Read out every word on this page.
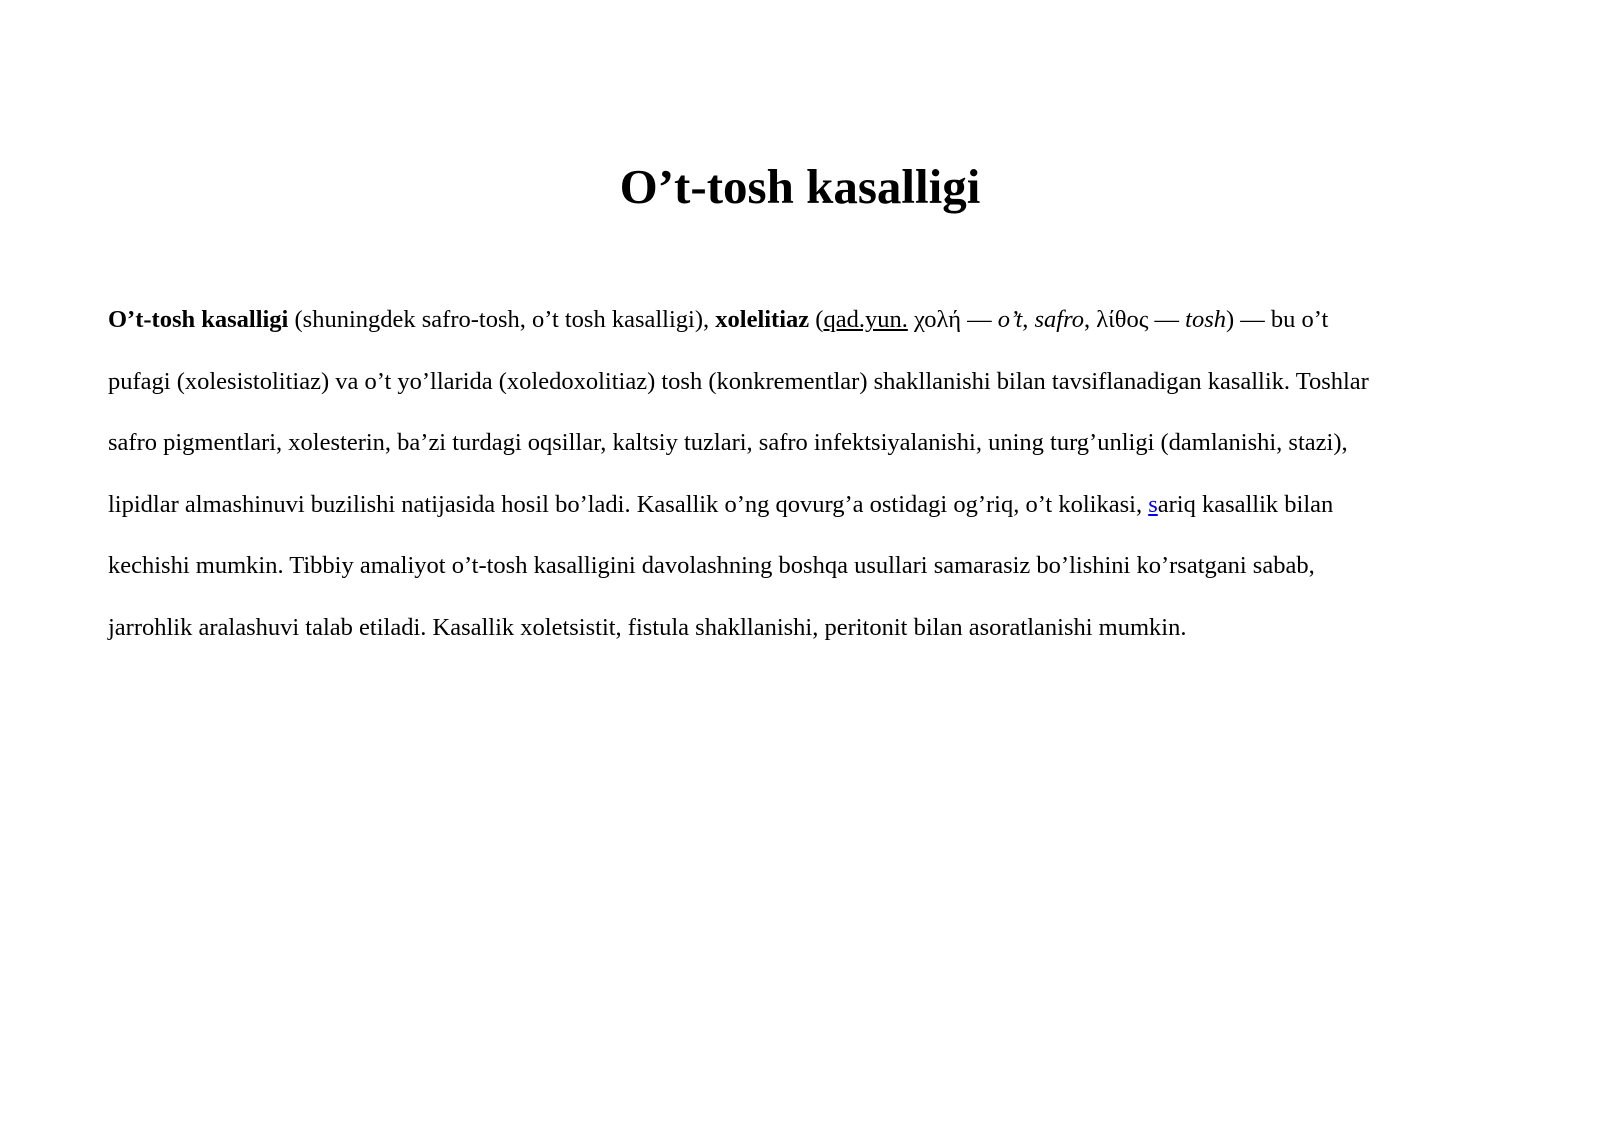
O’t-tosh kasalligi

O’t-tosh kasalligi (shuningdek safro-tosh, o’t tosh kasalligi), xolelitiaz (qad.yun. χολή — o’t, safro, λίθος — tosh) — bu o’t
pufagi (xolesistolitiaz) va o’t yo’llarida (xoledoxolitiaz) tosh (konkrementlar) shakllanishi bilan tavsiflanadigan kasallik. Toshlar
safro pigmentlari, xolesterin, ba’zi turdagi oqsillar, kaltsiy tuzlari, safro infektsiyalanishi, uning turg’unligi (damlanishi, stazi),
lipidlar almashinuvi buzilishi natijasida hosil bo’ladi. Kasallik o’ng qovurg’a ostidagi og’riq, o’t kolikasi, sariq kasallik bilan
kechishi mumkin. Tibbiy amaliyot o’t-tosh kasalligini davolashning boshqa usullari samarasiz bo’lishini ko’rsatgani sabab,
jarrohlik aralashuvi talab etiladi. Kasallik xoletsistit, fistula shakllanishi, peritonit bilan asoratlanishi mumkin.
